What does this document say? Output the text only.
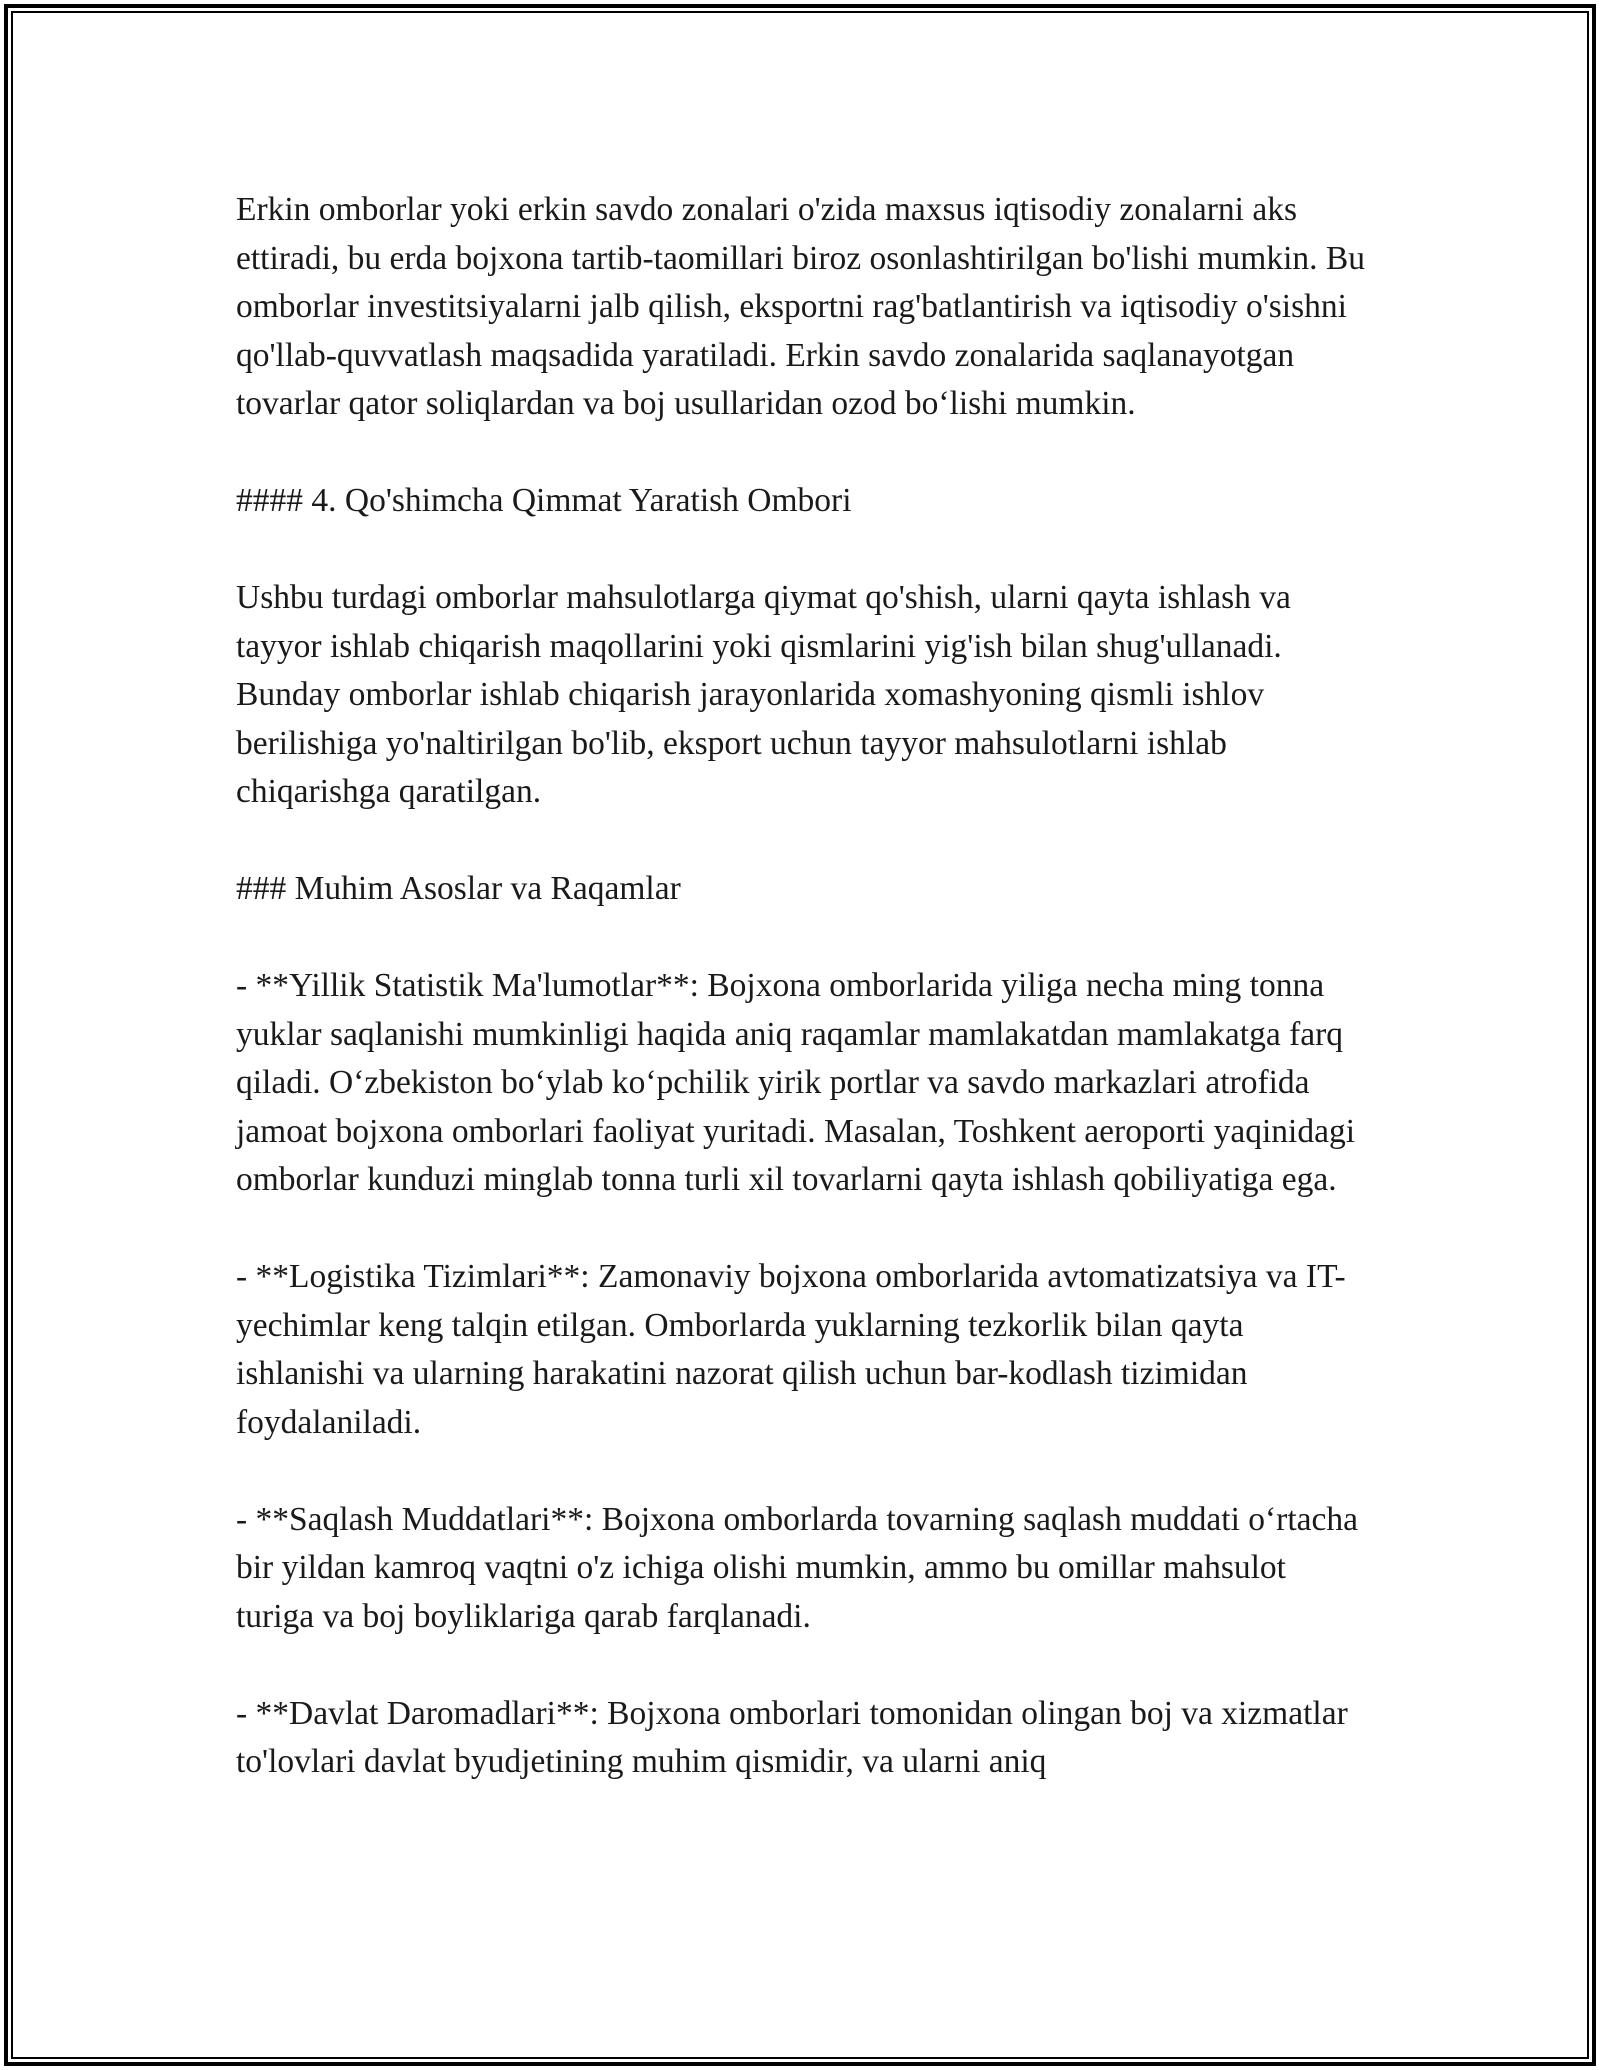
Erkin omborlar yoki erkin savdo zonalari o'zida maxsus iqtisodiy zonalarni aks ettiradi, bu erda bojxona tartib-taomillari biroz osonlashtirilgan bo'lishi mumkin. Bu omborlar investitsiyalarni jalb qilish, eksportni rag'batlantirish va iqtisodiy o'sishni qo'llab-quvvatlash maqsadida yaratiladi. Erkin savdo zonalarida saqlanayotgan tovarlar qator soliqlardan va boj usullaridan ozod bo‘lishi mumkin.

#### 4. Qo'shimcha Qimmat Yaratish Ombori

Ushbu turdagi omborlar mahsulotlarga qiymat qo'shish, ularni qayta ishlash va tayyor ishlab chiqarish maqollarini yoki qismlarini yig'ish bilan shug'ullanadi. Bunday omborlar ishlab chiqarish jarayonlarida xomashyoning qismli ishlov berilishiga yo'naltirilgan bo'lib, eksport uchun tayyor mahsulotlarni ishlab chiqarishga qaratilgan.

### Muhim Asoslar va Raqamlar

- **Yillik Statistik Ma'lumotlar**: Bojxona omborlarida yiliga necha ming tonna yuklar saqlanishi mumkinligi haqida aniq raqamlar mamlakatdan mamlakatga farq qiladi. O‘zbekiston bo‘ylab ko‘pchilik yirik portlar va savdo markazlari atrofida jamoat bojxona omborlari faoliyat yuritadi. Masalan, Toshkent aeroporti yaqinidagi omborlar kunduzi minglab tonna turli xil tovarlarni qayta ishlash qobiliyatiga ega.

- **Logistika Tizimlari**: Zamonaviy bojxona omborlarida avtomatizatsiya va IT-yechimlar keng talqin etilgan. Omborlarda yuklarning tezkorlik bilan qayta ishlanishi va ularning harakatini nazorat qilish uchun bar-kodlash tizimidan foydalaniladi.

- **Saqlash Muddatlari**: Bojxona omborlarda tovarning saqlash muddati o‘rtacha bir yildan kamroq vaqtni o'z ichiga olishi mumkin, ammo bu omillar mahsulot turiga va boj boyliklariga qarab farqlanadi.

- **Davlat Daromadlari**: Bojxona omborlari tomonidan olingan boj va xizmatlar to'lovlari davlat byudjetining muhim qismidir, va ularni aniq
